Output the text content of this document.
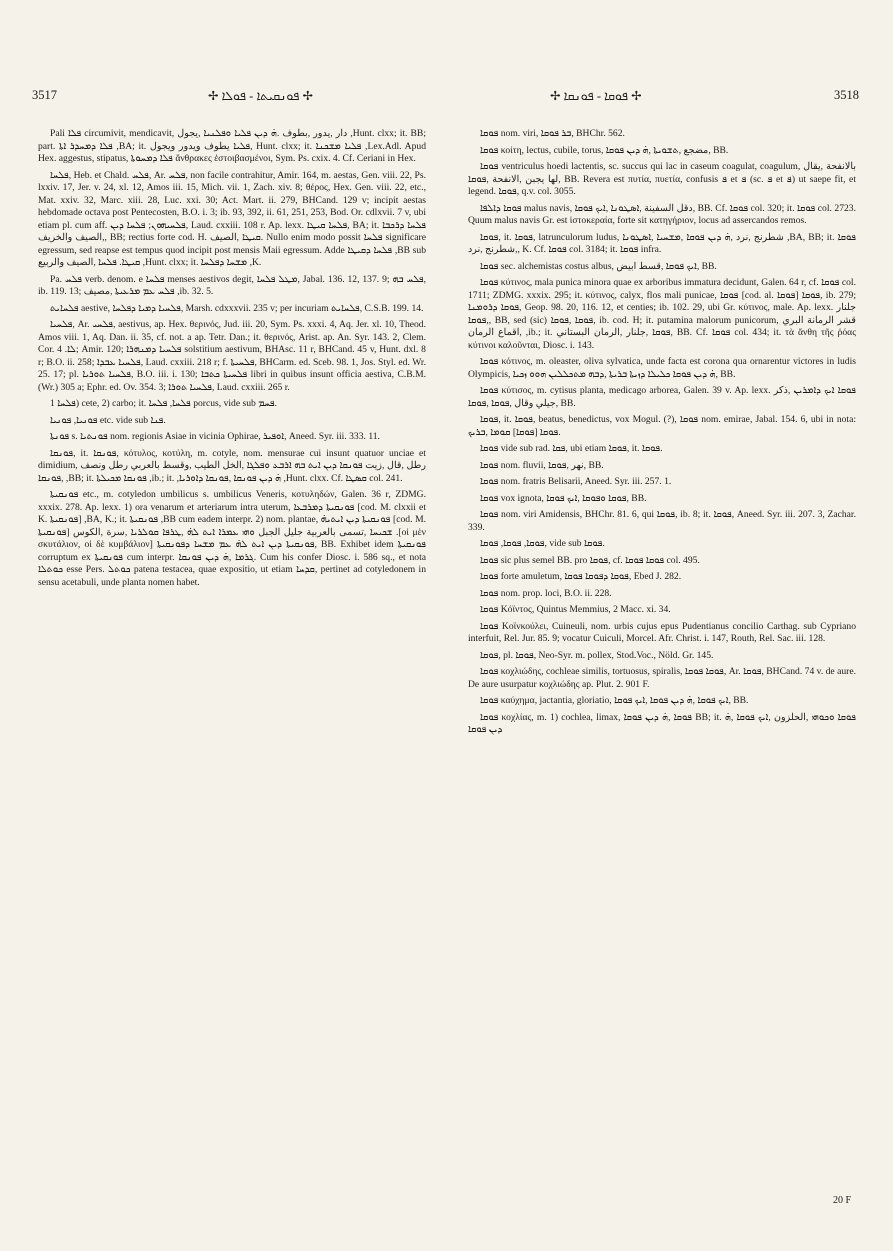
3517	✢ ܦܘܢܩܝܬܐ - ܦܘܠܐ ✢	✢ ܦܘܩܐ - ܦܘܢܩܐ ✢	3518

Pali ܦܠܐ circumivit, mendicavit, دار ,يدور ,بطوف .ܗ̇ ܕܝܢ ܦܠܝܐ ܘܦܠܢܝܐ ,يجول ,Hunt. clxx; it. BB; part. ܦܠܐ ܕܡܚܕܪ ܐܬܐ ,BA; it. ܦܠܝܐ يطوف ويدور ويجول, Hunt. clxx; it. ܦܠܝܐ ܡܫܟܢܐ ,Lex.Adl. Apud Hex. aggestus, stipatus, ܦܠܐ ܕܡܚܘܬܐ ἄνθρακες ἐστοιβασμένοι, Sym. Ps. cxix. 4. Cf. Ceriani in Hex.

ܦܠܚܐ, Heb. et Chald. ܦܠܚ, Ar. ܦܠܚ, non facile contrahitur, Amir. 164, m. aestas, Gen. viii. 22, Ps. lxxiv. 17, Jer. v. 24, xl. 12, Amos iii. 15, Mich. vii. 1, Zach. xiv. 8; θέρος, Hex. Gen. viii. 22, etc., Mat. xxiv. 32, Marc. xiii. 28, Luc. xxi. 30; Act. Mart. ii. 279, BHCand. 129 v; incipit aestas hebdomade octava post Pentecosten, B.O. i. 3; ib. 93, 392, ii. 61, 251, 253, Bod. Or. cdlxvii. 7 v, ubi etiam pl. cum aff. ܦܠܚܝܗܘܢ; ܦܠܚܐ ܕܝܢ, Laud. cxxiii. 108 r. Ap. lexx. ܦܠܚܐ ܩܝܛܐ, BA; it. ܦܠܚܐ ܕܪܟܒܐ ,الصيف والخريف, BB; rectius forte cod. H. ܩܝܛܐ ,الصيف. Nullo enim modo possit ܦܠܚܐ significare egressum, sed reapse est tempus quod incipit post mensis Maii egressum. Adde ܦܠܚܐ ܕܩܝܛܐ ,BB sub ܩܝܛܐ. ܦܠܚܐ ,الصيف والربيع ,Hunt. clxx; it. ܡܫܚܐ ܕܦܠܚܐ ,K.

Pa. ܦܠܚ verb. denom. e ܦܠܚܐ menses aestivos degit, ܡܛܠ ܦܠܚܐ, Jabal. 136. 12, 137. 9; ܦܠܚ ܒܗ, ib. 119. 13; ܦܠܚ ܥܡ ܡܪܥܝܬܐ ,مصيف ,ib. 32. 5.

ܦܠܚܐܝܬ aestive, ܦܠܚܝܐ ܕܡܝܐ ܕܦܠܚܐ, Marsh. cdxxxvii. 235 v; per incuriam ܦܠܚܐܝܬ, C.S.B. 199. 14.

ܦܠܚܝܐ, Ar. ܦܠܚܝ, aestivus, ap. Hex. θερινός, Jud. iii. 20, Sym. Ps. xxxi. 4, Aq. Jer. xl. 10, Theod. Amos viii. 1, Aq. Dan. ii. 35, cf. not. a ap. Tetr. Dan.; it. θερινός, Arist. ap. An. Syr. 143. 2, Clem. Cor. ܠܐ. 4; Amir. 120; ܦܠܚܝܐ ܕܡܢܗܪܐ solstitium aestivum, BHAsc. 11 r, BHCand. 45 v, Hunt. dxl. 8 r; B.O. ii. 258; ܦܠܚܝܐ ܥܒܕܐ, Laud. cxxiii. 218 r; f. ܦܠܚܝܬܐ, BHCarm. ed. Sceb. 98. 1, Jos. Styl. ed. Wr. 25. 17; pl. ܦܠܚܝܐ ܬܘܪܝܐ, B.O. iii. i. 130; ܦܠܚܝܬܐ ܟܬܒܐ libri in quibus insunt officia aestiva, C.B.M. (Wr.) 305 a; Ephr. ed. Ov. 354. 3; ܦܠܚܝܐ ܬܘܪܐ, Laud. cxxiii. 265 r.

ܦܠܚܐ 1) cete, 2) carbo; it. ܦܠܚܐ, ܦܠܚܐ porcus, vide sub ܦܚܡ.

ܦܘܢܝܐ, ܦܘܢܝܐ etc. vide sub ܦܢܐ.

ܦܘܢܬܐ s. ܦܘܢܬܝܐ nom. regionis Asiae in vicinia Ophirae, ܐܘܦܝܪ, Aneed. Syr. iii. 333. 11.

ܦܘܢܩܐ, it. ܦܘܢܩܐ, κότυλος, κοτύλη, m. cotyle, nom. mensurae cui insunt quatuor unciae et dimidium, رطل ,قال ,زيت ܦܘܢܩܐ ܕܝܢ ܐܝܬ ܒܗ ܐܪܒܥ ܘܦܠܓܐ ,الخل الطيب ,وقسط بالعربي رطل ونصف ,ܦܘܢܩܐ ,BB; it. ܦܘܢܩܐ ܡܟܝܠܬܐ ,ib.; it. ,ܗ̇ ܕܝܢ ܦܘܢܩܐ ,ܦܘܢܩܐ ܕܐܘܪܝܐ ,Hunt. clxx. Cf. ܩܣܛܐ col. 241.

ܦܘܢܩܝܬܐ etc., m. cotyledon umbilicus s. umbilicus Veneris, κοτυληδών, Galen. 36 r, ZDMG. xxxix. 278. Ap. lexx. 1) ora venarum et arteriarum intra uterum, ܦܘܢܩܝܬܐ ܕܡܪܒܥܐ [cod. M. clxxii et K. ܦܘܢܩܝܬܐ] ,BA, K.; it. ܦܘܢܩܝܬܐ ,BB cum eadem interpr. 2) nom. plantae, ܦܘܢܩܝܬܐ ܕܝܢ ܐܝܬܝܗ̇ [cod. M. ܦܘܢܩܝܬܐ] ܫܟܝܚܐ ,تسمى بالعربية جليل الجبل ܘܗܝ ܥܡܪܐ ܐܝܬ ܠܗ̇ ,ܛܪܦܐ ܩܘܠܪܝܐ ,سرة ,الكوس .[οἱ μὲν σκυτάλιον, οἱ δὲ κυμβάλιον] ܦܘܢܩܝܬܐ ܕܝܢ ܐܝܬ ܠܗ̇ ܥܡ ܡܫܚܐ ܕܦܘܢܩܝܬܐ, BB. Exhibet idem ܦܘܢܩܝܬܐ corruptum ex ܦܘܢܩܝܬܐ cum interpr. ܓܪܡܐ ,ܗ̇ ܕܝܢ ܦܘܢܩܐ. Cum his confer Diosc. i. 586 sq., et nota ܟܘܬܠܐ esse Pers. ܟܘܬܠ patena testacea, quae expositio, ut etiam ܩܕܚܐ, pertinet ad cotyledonem in sensu acetabuli, unde planta nomen habet.

ܦܘܩܐ nom. viri, ܒܪ ܦܘܩܐ, BHChr. 562.

ܦܘܩܐ κοίτη, lectus, cubile, torus, مضجع ,ܬܫܘܝܬܐ ,ܗ̇ ܕܝܢ ܦܘܩܐ, BB.

ܦܘܩܐ ventriculus hoedi lactentis, sc. succus qui lac in caseum coagulat, coagulum, بالانفحة ,يقال لها يجبن ,الانفحة ,ܦܘܩܐ, BB. Revera est πυτία, πυετία, confusis ܦ et ܦ (sc. ܦ et ܦ) ut saepe fit, et legend. ܦܘܩܐ, q.v. col. 3055.

ܦܘܩܐ ܕܐܠܦܐ malus navis, دقل السفينة ,ܐܣܛܘܢܐ ,ܐܝܟ ܦܘܩܐ, BB. Cf. ܦܘܩܐ col. 320; it. ܦܘܩܐ col. 2723. Quum malus navis Gr. est ἱστοκεραία, forte sit κατηγήριον, locus ad assercandos remos.

ܦܘܩܐ, it. ܦܘܩܐ, latrunculorum ludus, شطرنج ,نرد ,ܗ̇ ܕܝܢ ܦܘܩܐ ,ܡܫܚܝܐ ,ܐܣܛܘܢܐ ,BA, BB; it. ܦܘܩܐ ,شطرنج ,نرد, K. Cf. ܦܘܩܐ col. 3184; it. ܦܘܩܐ infra.

ܦܘܩܐ sec. alchemistas costus albus, ܐܝܟ ܦܘܩܐ ,قسط ابيض, BB.

ܦܘܩܐ κύτινος, mala punica minora quae ex arboribus immatura decidunt, Galen. 64 r, cf. ܦܘܩܐ col. 1711; ZDMG. xxxix. 295; it. κύτινος, calyx, flos mali punicae, ܦܘܩܐ [cod. al. ܦܘܩܐ] ܦܘܩܐ, ib. 279; ܦܘܩܐ ܕܪܘܡܢܐ, Geop. 98. 20, 116. 12, et centies; ib. 102. 29, ubi Gr. κύτινος, male. Ap. lexx. جلنار ,ܦܘܩܐ, BB, sed (sic) ܦܘܩܐ ,ܦܘܩܐ, ib. cod. H; it. putamina malorum punicorum, قشر الرمانة البري ,اقماع الرمان ,ib.; it. ܦܘܩܐ ,جلنار ,الرمان البستاني, BB. Cf. ܦܘܩܐ col. 434; it. τὰ ἄνθη τῆς ῥόας κύτινοι καλοῦνται, Diosc. i. 143.

ܦܘܩܐ κότινος, m. oleaster, oliva sylvatica, unde facta est corona qua ornarentur victores in ludis Olympicis, ܗ̇ ܕܝܢ ܦܘܩܐ ܟܠܝܠܐ ܕܙܝܬܐ ܒܪܝܬܐ ,ܕܒܗ ܡܬܟܠܠܝܢ ܗܘܘ ܙܟܝܐ, BB.

ܦܘܩܐ κύτισος, m. cytisus planta, medicago arborea, Galen. 39 v. Ap. lexx. ܦܘܩܐ ܐܝܟ ܕܐܡܪܝܢ ,ذكر جيلي وقال ,ܦܘܩܐ ,ܦܘܩܐ, BB.

ܦܘܩܐ, it. ܦܘܩܐ, beatus, benedictus, vox Mogul. (?), ܦܘܩܐ nom. emirae, Jabal. 154. 6, ubi in nota: ܦܘܩܐ [ܦܘܩܐ] ܩܘܡܐ ,ܒܪܝܟ.

ܦܘܩܐ vide sub rad. ܦܩܐ, ubi etiam ܦܘܩܐ, it. ܦܘܩܐ.

ܦܘܩܐ nom. fluvii, نهر ,ܦܘܩܐ, BB.

ܦܘܩܐ nom. fratris Belisarii, Aneed. Syr. iii. 257. 1.

ܦܘܩܐ vox ignota, ܦܘܩܐ ܘܦܘܩܐ ,ܐܝܟ ܦܘܩܐ, BB.

ܦܘܩܐ nom. viri Amidensis, BHChr. 81. 6, qui ܦܘܩܐ, ib. 8; it. ܦܘܩܐ, Aneed. Syr. iii. 207. 3, Zachar. 339.

ܦܘܩܐ, ܦܘܩܐ, ܦܘܩܐ, vide sub ܦܘܩܐ.

ܦܘܩܐ sic plus semel BB. pro ܦܘܩܐ, cf. ܦܘܩܐ ܦܘܩܐ col. 495.

ܦܘܩܐ forte amuletum, ܦܘܩܐ ܕܦܘܩܐ ܦܘܩܐ, Ebed J. 282.

ܦܘܩܐ nom. prop. loci, B.O. ii. 228.

ܦܘܩܐ Κόϊντος, Quintus Memmius, 2 Macc. xi. 34.

ܦܘܩܐ Κοϊνκούλει, Cuineuli, nom. urbis cujus epus Pudentianus concilio Carthag. sub Cypriano interfuit, Rel. Jur. 85. 9; vocatur Cuiculi, Morcel. Afr. Christ. i. 147, Routh, Rel. Sac. iii. 128.

ܦܘܩܐ, pl. ܦܘܩܐ, Neo-Syr. m. pollex, Stod.Voc., Nöld. Gr. 145.

ܦܘܩܐ κοχλιώδης, cochleae similis, tortuosus, spiralis, ܦܘܩܐ ܦܘܩܐ, Ar. ܦܘܩܐ, BHCand. 74 v. de aure. De aure usurpatur κοχλιώδης ap. Plut. 2. 901 F.

ܦܘܩܐ καύχημα, jactantia, gloriatio, ܐܝܟ ܦܘܩܐ ,ܗ̇ ܕܝܢ ܦܘܩܐ ,ܐܝܟ ܦܘܩܐ, BB.

ܦܘܩܐ κοχλίας, m. 1) cochlea, limax, ܦܘܩܐ ,ܗ̇ ܕܝܢ ܦܘܩܐ BB; it. ܦܘܩܐ ܘܟܘܗܝ ,الحلزون ,ܐܝܟ ܦܘܩܐ ,ܗ̇ ܕܝܢ ܦܘܩܐ

20 F
